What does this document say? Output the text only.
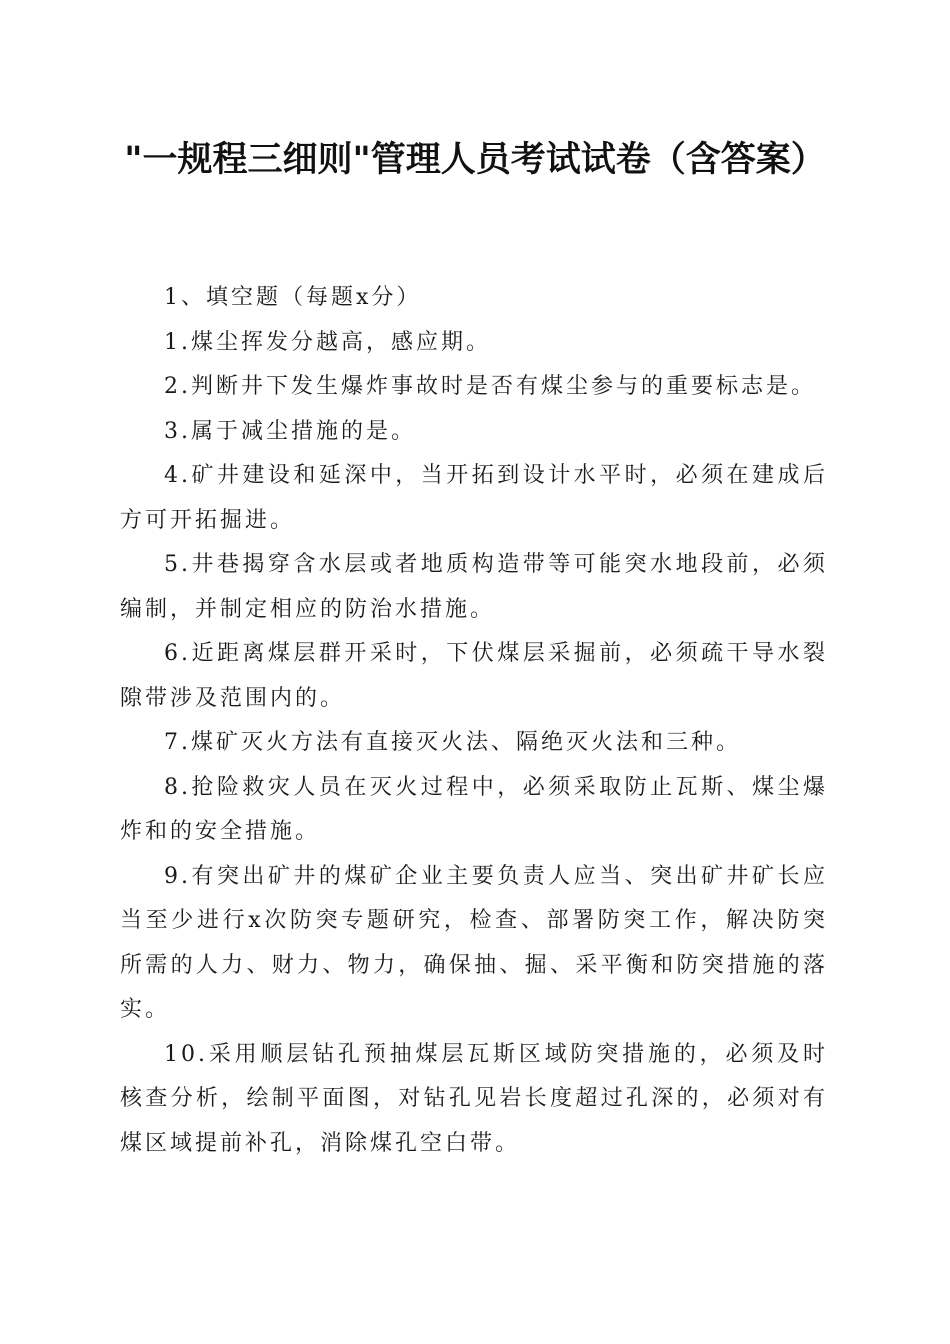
"一规程三细则"管理人员考试试卷（含答案）

1、填空题（每题x分）

1.煤尘挥发分越高，感应期。

2.判断井下发生爆炸事故时是否有煤尘参与的重要标志是。

3.属于减尘措施的是。

4.矿井建设和延深中，当开拓到设计水平时，必须在建成后方可开拓掘进。

5.井巷揭穿含水层或者地质构造带等可能突水地段前，必须编制，并制定相应的防治水措施。

6.近距离煤层群开采时，下伏煤层采掘前，必须疏干导水裂隙带涉及范围内的。

7.煤矿灭火方法有直接灭火法、隔绝灭火法和三种。

8.抢险救灾人员在灭火过程中，必须采取防止瓦斯、煤尘爆炸和的安全措施。

9.有突出矿井的煤矿企业主要负责人应当、突出矿井矿长应当至少进行x次防突专题研究，检查、部署防突工作，解决防突所需的人力、财力、物力，确保抽、掘、采平衡和防突措施的落实。

10.采用顺层钻孔预抽煤层瓦斯区域防突措施的，必须及时核查分析，绘制平面图，对钻孔见岩长度超过孔深的，必须对有煤区域提前补孔，消除煤孔空白带。
